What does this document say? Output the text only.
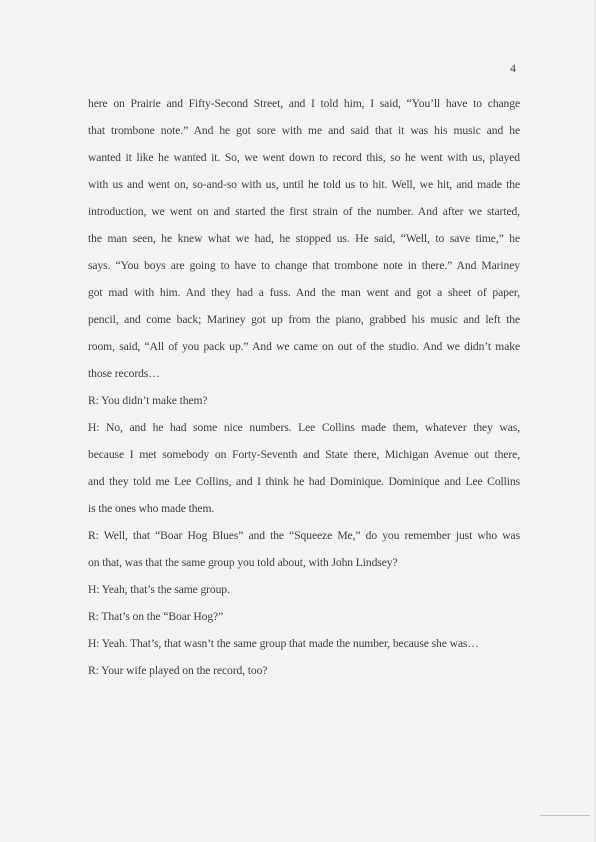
4
here on Prairie and Fifty-Second Street, and I told him, I said, “You’ll have to change
that trombone note.” And he got sore with me and said that it was his music and he
wanted it like he wanted it. So, we went down to record this, so he went with us, played
with us and went on, so-and-so with us, until he told us to hit. Well, we hit, and made the
introduction, we went on and started the first strain of the number. And after we started,
the man seen, he knew what we had, he stopped us. He said, “Well, to save time,” he
says. “You boys are going to have to change that trombone note in there.” And Mariney
got mad with him. And they had a fuss. And the man went and got a sheet of paper,
pencil, and come back; Mariney got up from the piano, grabbed his music and left the
room, said, “All of you pack up.” And we came on out of the studio. And we didn’t make
those records…
R: You didn’t make them?
H: No, and he had some nice numbers. Lee Collins made them, whatever they was,
because I met somebody on Forty-Seventh and State there, Michigan Avenue out there,
and they told me Lee Collins, and I think he had Dominique. Dominique and Lee Collins
is the ones who made them.
R: Well, that “Boar Hog Blues” and the “Squeeze Me,” do you remember just who was
on that, was that the same group you told about, with John Lindsey?
H: Yeah, that’s the same group.
R: That’s on the “Boar Hog?”
H: Yeah. That’s, that wasn’t the same group that made the number, because she was…
R: Your wife played on the record, too?
